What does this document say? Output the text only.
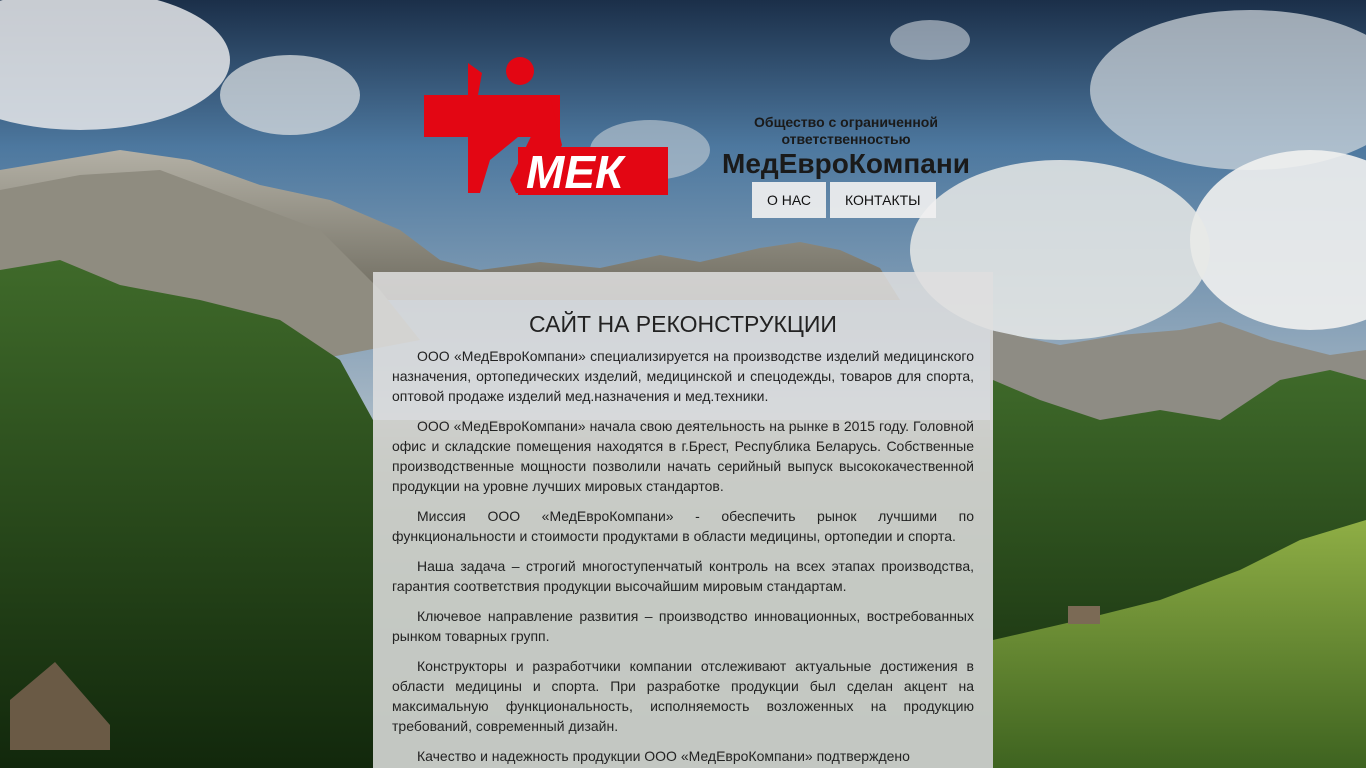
МЕК
Общество с ограниченной ответственностью
МедЕвроКомпани
О НАС	КОНТАКТЫ
САЙТ НА РЕКОНСТРУКЦИИ

ООО «МедЕвроКомпани» специализируется на производстве изделий медицинского назначения, ортопедических изделий, медицинской и спецодежды, товаров для спорта, оптовой продаже изделий мед.назначения и мед.техники.

ООО «МедЕвроКомпани» начала свою деятельность на рынке в 2015 году. Головной офис и складские помещения находятся в г.Брест, Республика Беларусь. Собственные производственные мощности позволили начать серийный выпуск высококачественной продукции на уровне лучших мировых стандартов.

Миссия ООО «МедЕвроКомпани» - обеспечить рынок лучшими по функциональности и стоимости продуктами в области медицины, ортопедии и спорта.

Наша задача – строгий многоступенчатый контроль на всех этапах производства, гарантия соответствия продукции высочайшим мировым стандартам.

Ключевое направление развития – производство инновационных, востребованных рынком товарных групп.

Конструкторы и разработчики компании отслеживают актуальные достижения в области медицины и спорта. При разработке продукции был сделан акцент на максимальную функциональность, исполняемость возложенных на продукцию требований, современный дизайн.

Качество и надежность продукции ООО «МедЕвроКомпани» подтверждено
